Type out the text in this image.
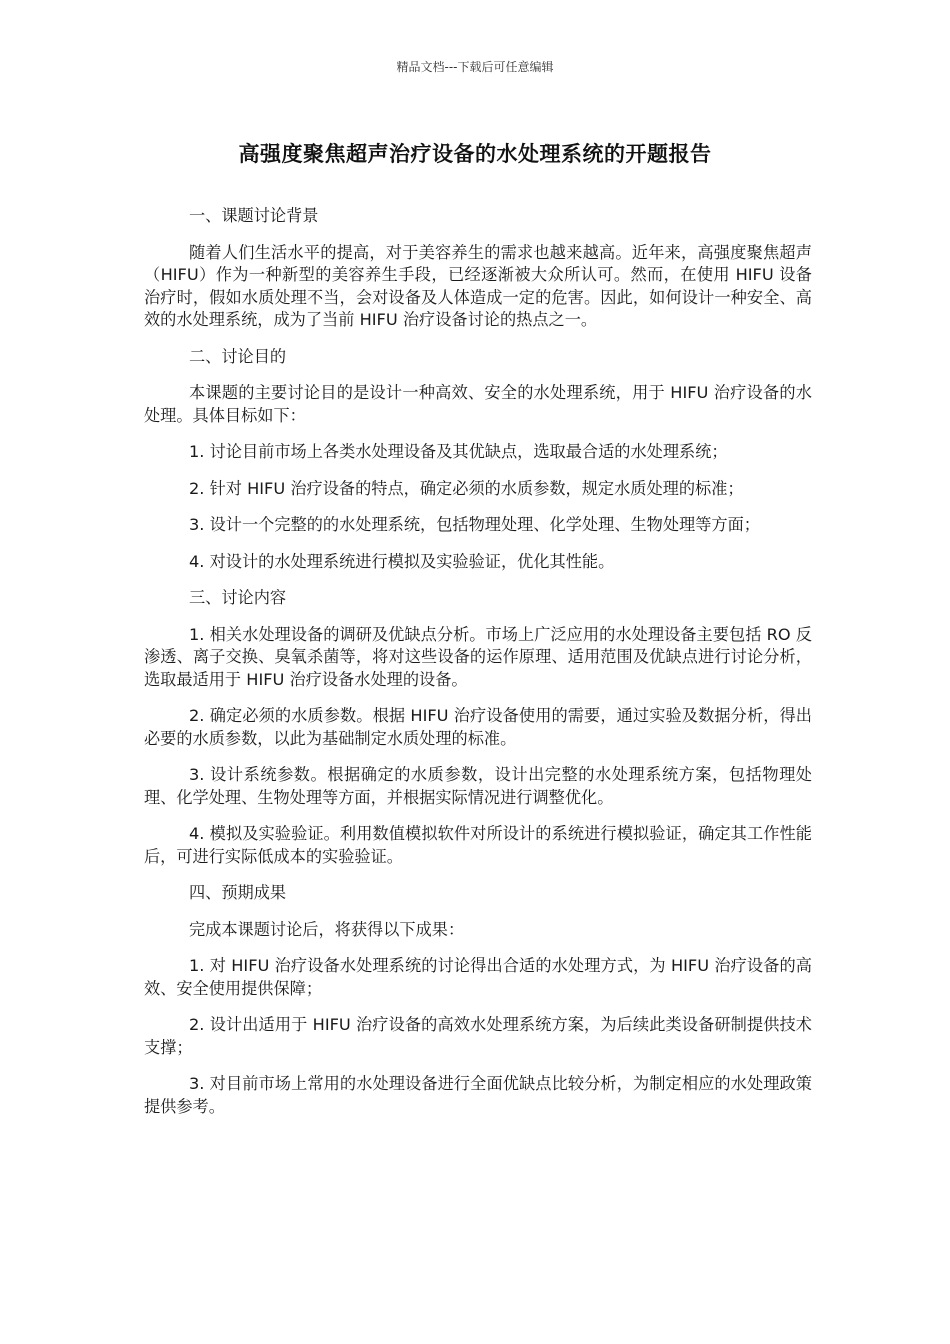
精品文档---下载后可任意编辑
高强度聚焦超声治疗设备的水处理系统的开题报告

一、课题讨论背景

随着人们生活水平的提高，对于美容养生的需求也越来越高。近年来，高强度聚焦超声（HIFU）作为一种新型的美容养生手段，已经逐渐被大众所认可。然而，在使用 HIFU 设备治疗时，假如水质处理不当，会对设备及人体造成一定的危害。因此，如何设计一种安全、高效的水处理系统，成为了当前 HIFU 治疗设备讨论的热点之一。

二、讨论目的

本课题的主要讨论目的是设计一种高效、安全的水处理系统，用于 HIFU 治疗设备的水处理。具体目标如下：

1. 讨论目前市场上各类水处理设备及其优缺点，选取最合适的水处理系统；

2. 针对 HIFU 治疗设备的特点，确定必须的水质参数，规定水质处理的标准；

3. 设计一个完整的的水处理系统，包括物理处理、化学处理、生物处理等方面；

4. 对设计的水处理系统进行模拟及实验验证，优化其性能。

三、讨论内容

1. 相关水处理设备的调研及优缺点分析。市场上广泛应用的水处理设备主要包括 RO 反渗透、离子交换、臭氧杀菌等，将对这些设备的运作原理、适用范围及优缺点进行讨论分析，选取最适用于 HIFU 治疗设备水处理的设备。

2. 确定必须的水质参数。根据 HIFU 治疗设备使用的需要，通过实验及数据分析，得出必要的水质参数，以此为基础制定水质处理的标准。

3. 设计系统参数。根据确定的水质参数，设计出完整的水处理系统方案，包括物理处理、化学处理、生物处理等方面，并根据实际情况进行调整优化。

4. 模拟及实验验证。利用数值模拟软件对所设计的系统进行模拟验证，确定其工作性能后，可进行实际低成本的实验验证。

四、预期成果

完成本课题讨论后，将获得以下成果：

1. 对 HIFU 治疗设备水处理系统的讨论得出合适的水处理方式，为 HIFU 治疗设备的高效、安全使用提供保障；

2. 设计出适用于 HIFU 治疗设备的高效水处理系统方案，为后续此类设备研制提供技术支撑；

3. 对目前市场上常用的水处理设备进行全面优缺点比较分析，为制定相应的水处理政策提供参考。
